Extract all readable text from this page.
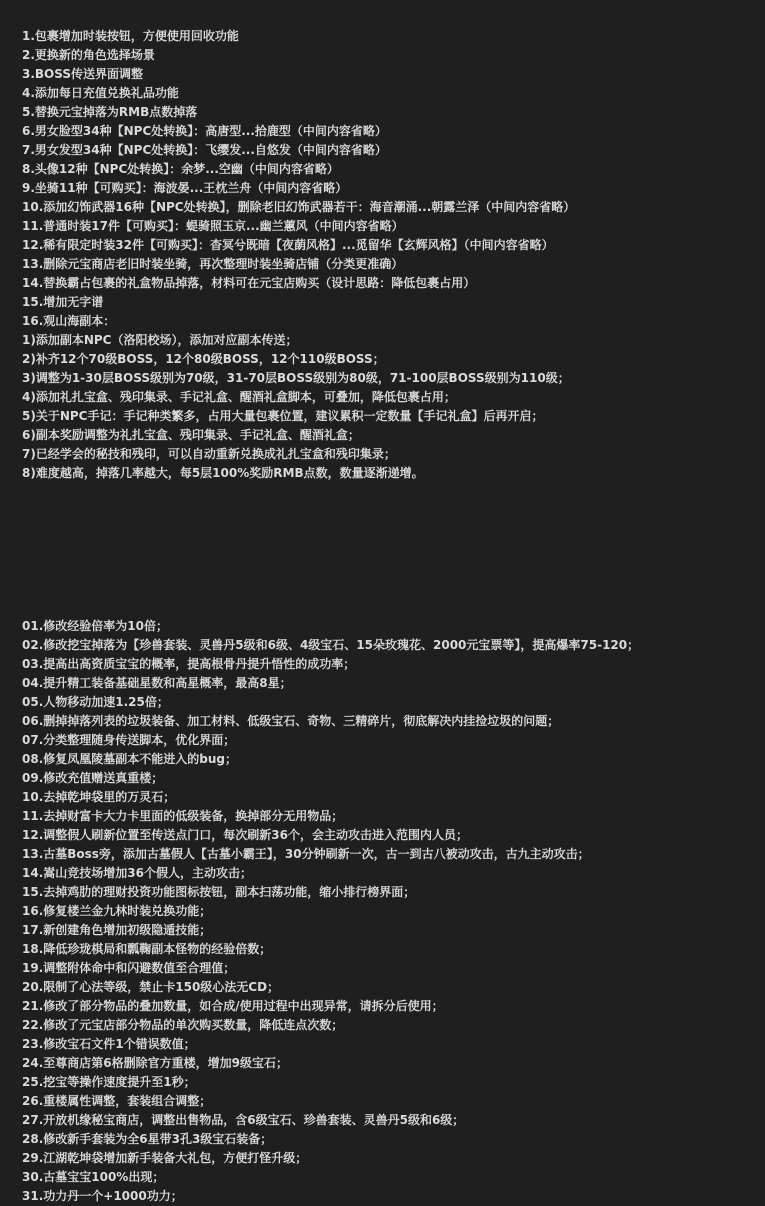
1.包裹增加时装按钮，方便使用回收功能
2.更换新的角色选择场景
3.BOSS传送界面调整
4.添加每日充值兑换礼品功能
5.替换元宝掉落为RMB点数掉落
6.男女脸型34种【NPC处转换】：高唐型...拾鹿型（中间内容省略）
7.男女发型34种【NPC处转换】：飞缨发...自悠发（中间内容省略）
8.头像12种【NPC处转换】：余梦...空幽（中间内容省略）
9.坐骑11种【可购买】：海波晏...王枕兰舟（中间内容省略）
10.添加幻饰武器16种【NPC处转换】，删除老旧幻饰武器若干：海音潮涌...朝露兰泽（中间内容省略）
11.普通时装17件【可购买】：蝭骑照玉京...幽兰蕙风（中间内容省略）
12.稀有限定时装32件【可购买】：杳冥兮既暗【夜蓢风格】...觅留华【玄辉风格】（中间内容省略）
13.删除元宝商店老旧时装坐骑，再次整理时装坐骑店铺（分类更准确）
14.替换霸占包裹的礼盒物品掉落，材料可在元宝店购买（设计思路：降低包裹占用）
15.增加无字谱
16.观山海副本：
1)添加副本NPC（洛阳校场），添加对应副本传送；
2)补齐12个70级BOSS，12个80级BOSS，12个110级BOSS；
3)调整为1-30层BOSS级别为70级，31-70层BOSS级别为80级，71-100层BOSS级别为110级；
4)添加礼扎宝盒、残印集录、手记礼盒、醒酒礼盒脚本，可叠加，降低包裹占用；
5)关于NPC手记：手记种类繁多，占用大量包裹位置，建议累积一定数量【手记礼盒】后再开启；
6)副本奖励调整为礼扎宝盒、残印集录、手记礼盒、醒酒礼盒；
7)已经学会的秘技和残印，可以自动重新兑换成礼扎宝盒和残印集录；
8)难度越高，掉落几率越大，每5层100%奖励RMB点数，数量逐渐递增。
01.修改经验倍率为10倍；
02.修改挖宝掉落为【珍兽套装、灵兽丹5级和6级、4级宝石、15朵玫瑰花、2000元宝票等】，提高爆率75-120；
03.提高出高资质宝宝的概率，提高根骨丹提升悟性的成功率；
04.提升精工装备基础星数和高星概率，最高8星；
05.人物移动加速1.25倍；
06.删掉掉落列表的垃圾装备、加工材料、低级宝石、奇物、三精碎片，彻底解决内挂捡垃圾的问题；
07.分类整理随身传送脚本，优化界面；
08.修复凤凰陵墓副本不能进入的bug；
09.修改充值赠送真重楼；
10.去掉乾坤袋里的万灵石；
11.去掉财富卡大力卡里面的低级装备，换掉部分无用物品；
12.调整假人刷新位置至传送点门口，每次刷新36个，会主动攻击进入范围内人员；
13.古墓Boss旁，添加古墓假人【古墓小霸王】，30分钟刷新一次，古一到古八被动攻击，古九主动攻击；
14.嵩山竞技场增加36个假人，主动攻击；
15.去掉鸡肋的理财投资功能图标按钮，副本扫荡功能，缩小排行榜界面；
16.修复楼兰金九林时装兑换功能；
17.新创建角色增加初级隐遁技能；
18.降低珍珑棋局和瓢鞠副本怪物的经验倍数；
19.调整附体命中和闪避数值至合理值；
20.限制了心法等级，禁止卡150级心法无CD；
21.修改了部分物品的叠加数量，如合成/使用过程中出现异常，请拆分后使用；
22.修改了元宝店部分物品的单次购买数量，降低连点次数；
23.修改宝石文件1个错误数值；
24.至尊商店第6格删除官方重楼，增加9级宝石；
25.挖宝等操作速度提升至1秒；
26.重楼属性调整，套装组合调整；
27.开放机缘秘宝商店，调整出售物品，含6级宝石、珍兽套装、灵兽丹5级和6级；
28.修改新手套装为全6星带3孔3级宝石装备；
29.江湖乾坤袋增加新手装备大礼包，方便打怪升级；
30.古墓宝宝100%出现；
31.功力丹一个+1000功力；
